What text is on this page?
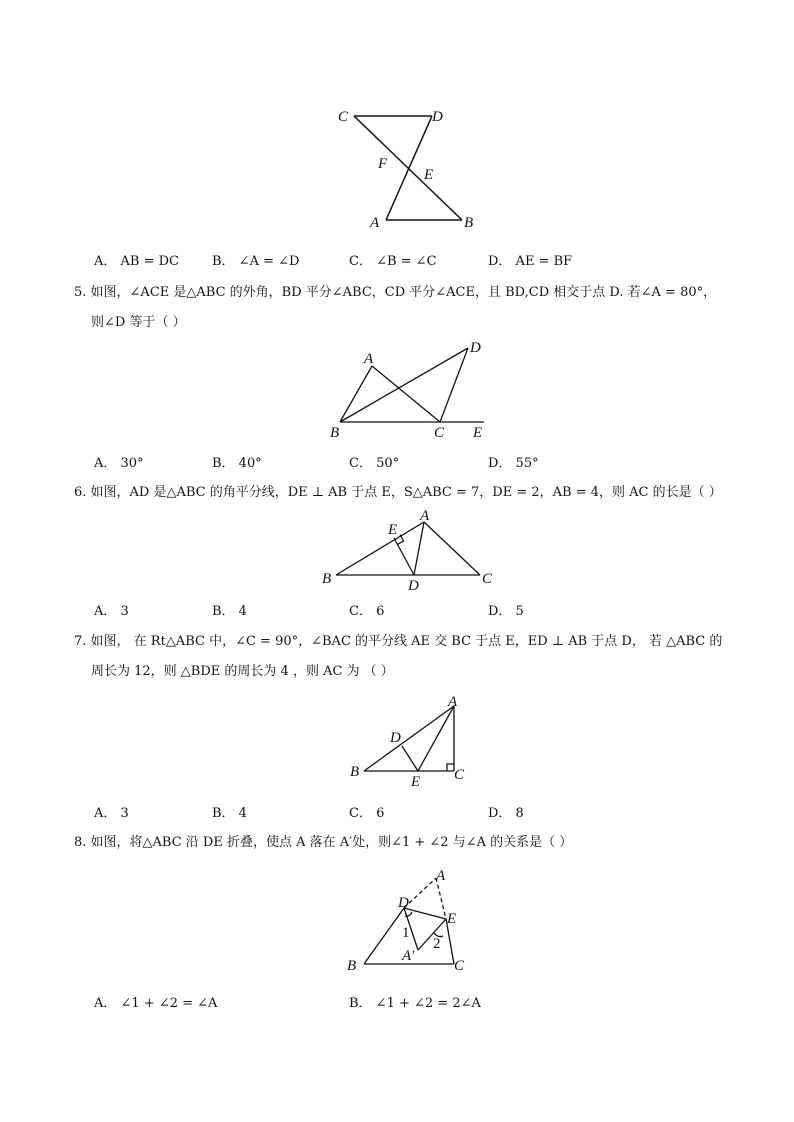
C	D
F
E
A	B
A
D
B	C E
E
A
B	D	C
A
D
B
E C
A
D
E
1
2
A′
B	C
A． AB = DC	B． ∠A = ∠D	C． ∠B = ∠C	D． AE = BF
5. 如图，∠ACE 是△ABC 的外角，BD 平分∠ABC，CD 平分∠ACE，且 BD,CD 相交于点 D. 若∠A = 80°，
则∠D 等于（ ）
A． 30°	B． 40°	C． 50°	D． 55°
6. 如图，AD 是△ABC 的角平分线，DE ⊥ AB 于点 E，S△ABC = 7，DE = 2，AB = 4，则 AC 的长是（ ）
A． 3	B． 4	C． 6	D． 5
7. 如图， 在 Rt△ABC 中，∠C = 90°，∠BAC 的平分线 AE 交 BC 于点 E，ED ⊥ AB 于点 D， 若 △ABC 的
周长为 12，则 △BDE 的周长为 4 ，则 AC 为 （ ）
A． 3	B． 4	C． 6	D． 8
8. 如图，将△ABC 沿 DE 折叠，使点 A 落在 A′处，则∠1 + ∠2 与∠A 的关系是（ ）
A． ∠1 + ∠2 = ∠A	B． ∠1 + ∠2 = 2∠A
